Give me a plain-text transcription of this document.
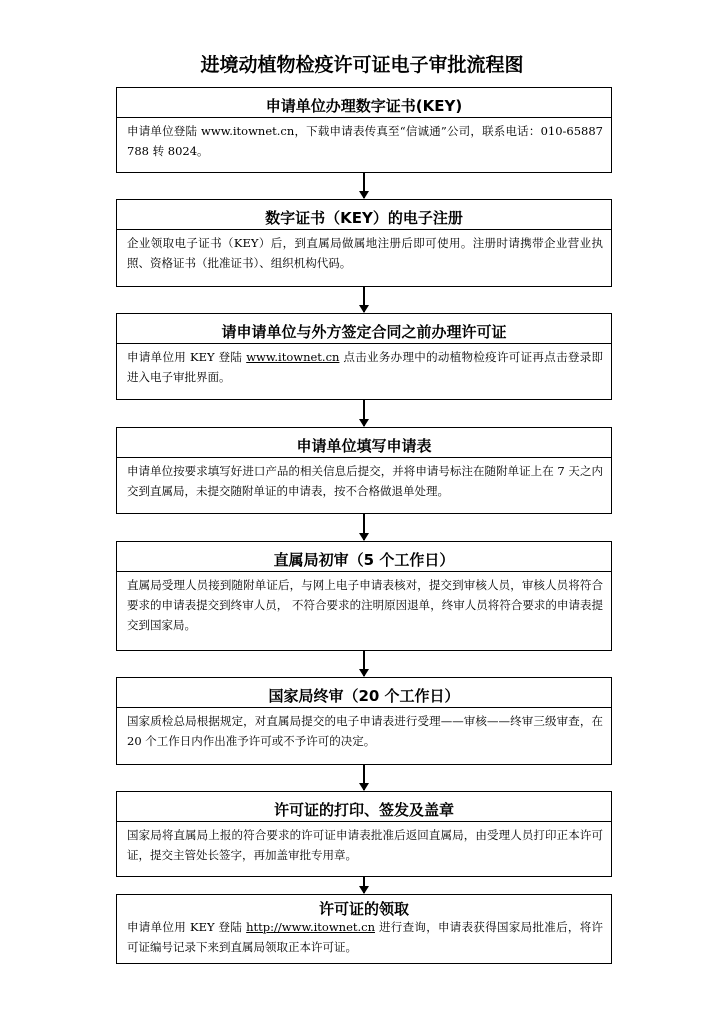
进境动植物检疫许可证电子审批流程图
申请单位办理数字证书(KEY)
申请单位登陆 www.itownet.cn，下载申请表传真至“信诚通”公司，联系电话：010-65887788 转 8024。
数字证书（KEY）的电子注册
企业领取电子证书（KEY）后，到直属局做属地注册后即可使用。注册时请携带企业营业执照、资格证书（批准证书）、组织机构代码。
请申请单位与外方签定合同之前办理许可证
申请单位用 KEY 登陆 www.itownet.cn 点击业务办理中的动植物检疫许可证再点击登录即进入电子审批界面。
申请单位填写申请表
申请单位按要求填写好进口产品的相关信息后提交，并将申请号标注在随附单证上在 7 天之内交到直属局，未提交随附单证的申请表，按不合格做退单处理。
直属局初审（5 个工作日）
直属局受理人员接到随附单证后，与网上电子申请表核对，提交到审核人员，审核人员将符合要求的申请表提交到终审人员， 不符合要求的注明原因退单，终审人员将符合要求的申请表提交到国家局。
国家局终审（20 个工作日）
国家质检总局根据规定，对直属局提交的电子申请表进行受理——审核——终审三级审查，在 20 个工作日内作出准予许可或不予许可的决定。
许可证的打印、签发及盖章
国家局将直属局上报的符合要求的许可证申请表批准后返回直属局，由受理人员打印正本许可证，提交主管处长签字，再加盖审批专用章。
许可证的领取
申请单位用 KEY 登陆 http://www.itownet.cn 进行查询，申请表获得国家局批准后，将许可证编号记录下来到直属局领取正本许可证。
